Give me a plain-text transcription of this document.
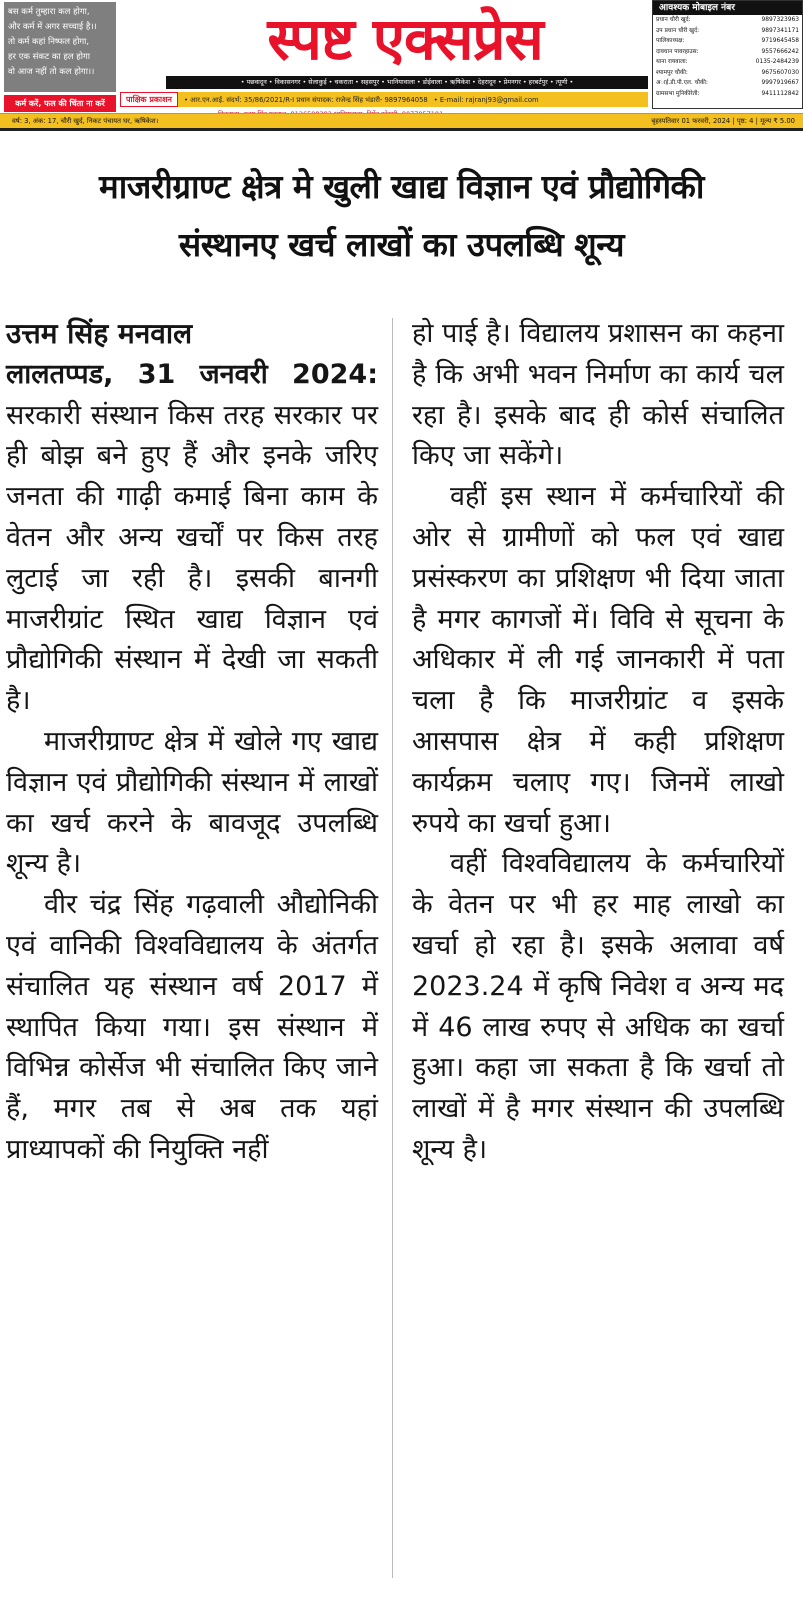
बस कर्म तुम्हारा कल होगा,
और कर्म में अगर सच्चाई है।।
तो कर्म कहां निष्फल होगा,
हर एक संकट का हल होगा
वो आज नहीं तो कल होगा।।
कर्म करें, फल की चिंता ना करें
स्पष्ट एक्सप्रेस
• पछवादून • विकासनगर • सेलाकुई • चकराता • सहसपुर • भानियावाला • डोईवाला • ऋषिकेश • देहरादून • प्रेमनगर • हरबर्टपुर • त्यूणी •
पाक्षिक प्रकाशन • आर.एन.आई. संदर्भ: 35/86/2021/R-I प्रधान संपादक: राजेन्द्र सिंह भंडारी- 9897964058 • E-mail: rajranj93@gmail.com
आवश्यक मोबाइल नंबर
प्रधान चौरी खुर्द:	9897323963
उप प्रधान चौरी खुर्द:	9897341171
पालिकाध्यक्ष:	9719645458
दावधान पावरहाउस:	9557666242
थाना रायवाला:	0135-2484239
श्यामपुर चौकी:	9675607030
अाई.डी.पी.एल. चौकी:	9997919667
ग्रामसभा मुनिकीरेती:	9411112842
वर्ष: 3, अंक: 17, चौरी खुर्द, निकट पंचायत घर, ऋषिकेश।	बृहस्पतिवार 01 फरवरी, 2024 | पृष्ठ: 4 | मूल्य ₹ 5.00
माजरीग्राण्ट क्षेत्र मे खुली खाद्य विज्ञान एवं प्रौद्योगिकी
संस्थानए खर्च लाखों का उपलब्धि शून्य

उत्तम सिंह मनवाल

लालतप्पड, 31 जनवरी 2024: सरकारी संस्थान किस तरह सरकार पर ही बोझ बने हुए हैं और इनके जरिए जनता की गाढ़ी कमाई बिना काम के वेतन और अन्य खर्चों पर किस तरह लुटाई जा रही है। इसकी बानगी माजरीग्रांट स्थित खाद्य विज्ञान एवं प्रौद्योगिकी संस्थान में देखी जा सकती है।

माजरीग्राण्ट क्षेत्र में खोले गए खाद्य विज्ञान एवं प्रौद्योगिकी संस्थान में लाखों का खर्च करने के बावजूद उपलब्धि शून्य है।

वीर चंद्र सिंह गढ़वाली औद्योनिकी एवं वानिकी विश्वविद्यालय के अंतर्गत संचालित यह संस्थान वर्ष 2017 में स्थापित किया गया। इस संस्थान में विभिन्न कोर्सेज भी संचालित किए जाने हैं, मगर तब से अब तक यहां प्राध्यापकों की नियुक्ति नहीं

हो पाई है। विद्यालय प्रशासन का कहना है कि अभी भवन निर्माण का कार्य चल रहा है। इसके बाद ही कोर्स संचालित किए जा सकेंगे।

वहीं इस स्थान में कर्मचारियों की ओर से ग्रामीणों को फल एवं खाद्य प्रसंस्करण का प्रशिक्षण भी दिया जाता है मगर कागजों में। विवि से सूचना के अधिकार में ली गई जानकारी में पता चला है कि माजरीग्रांट व इसके आसपास क्षेत्र में कही प्रशिक्षण कार्यक्रम चलाए गए। जिनमें लाखो रुपये का खर्चा हुआ।

वहीं विश्वविद्यालय के कर्मचारियों के वेतन पर भी हर माह लाखो का खर्चा हो रहा है। इसके अलावा वर्ष 2023.24 में कृषि निवेश व अन्य मद में 46 लाख रुपए से अधिक का खर्चा हुआ। कहा जा सकता है कि खर्चा तो लाखों में है मगर संस्थान की उपलब्धि शून्य है।
